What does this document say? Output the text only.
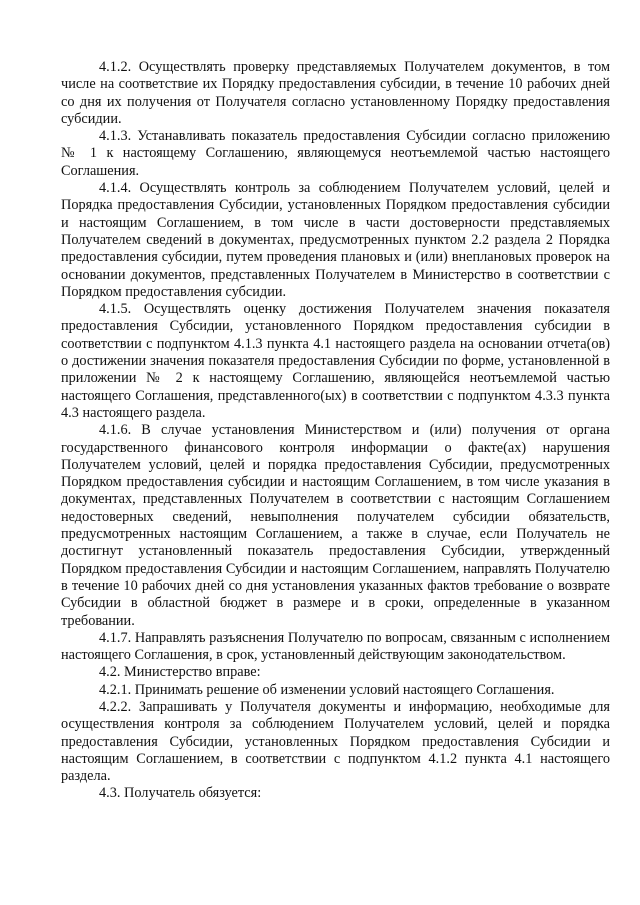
4.1.2. Осуществлять проверку представляемых Получателем документов, в том числе на соответствие их Порядку предоставления субсидии, в течение 10 рабочих дней со дня их получения от Получателя согласно установленному Порядку предоставления субсидии.

4.1.3. Устанавливать показатель предоставления Субсидии согласно приложению № 1 к настоящему Соглашению, являющемуся неотъемлемой частью настоящего Соглашения.

4.1.4. Осуществлять контроль за соблюдением Получателем условий, целей и Порядка предоставления Субсидии, установленных Порядком предоставления субсидии и настоящим Соглашением, в том числе в части достоверности представляемых Получателем сведений в документах, предусмотренных пунктом 2.2 раздела 2 Порядка предоставления субсидии, путем проведения плановых и (или) внеплановых проверок на основании документов, представленных Получателем в Министерство в соответствии с Порядком предоставления субсидии.

4.1.5. Осуществлять оценку достижения Получателем значения показателя предоставления Субсидии, установленного Порядком предоставления субсидии в соответствии с подпунктом 4.1.3 пункта 4.1 настоящего раздела на основании отчета(ов) о достижении значения показателя предоставления Субсидии по форме, установленной в приложении № 2 к настоящему Соглашению, являющейся неотъемлемой частью настоящего Соглашения, представленного(ых) в соответствии с подпунктом 4.3.3 пункта 4.3 настоящего раздела.

4.1.6. В случае установления Министерством и (или) получения от органа государственного финансового контроля информации о факте(ах) нарушения Получателем условий, целей и порядка предоставления Субсидии, предусмотренных Порядком предоставления субсидии и настоящим Соглашением, в том числе указания в документах, представленных Получателем в соответствии с настоящим Соглашением недостоверных сведений, невыполнения получателем субсидии обязательств, предусмотренных настоящим Соглашением, а также в случае, если Получатель не достигнут установленный показатель предоставления Субсидии, утвержденный Порядком предоставления Субсидии и настоящим Соглашением, направлять Получателю в течение 10 рабочих дней со дня установления указанных фактов требование о возврате Субсидии в областной бюджет в размере и в сроки, определенные в указанном требовании.

4.1.7. Направлять разъяснения Получателю по вопросам, связанным с исполнением настоящего Соглашения, в срок, установленный действующим законодательством.

4.2. Министерство вправе:

4.2.1. Принимать решение об изменении условий настоящего Соглашения.

4.2.2. Запрашивать у Получателя документы и информацию, необходимые для осуществления контроля за соблюдением Получателем условий, целей и порядка предоставления Субсидии, установленных Порядком предоставления Субсидии и настоящим Соглашением, в соответствии с подпунктом 4.1.2 пункта 4.1 настоящего раздела.

4.3. Получатель обязуется:
